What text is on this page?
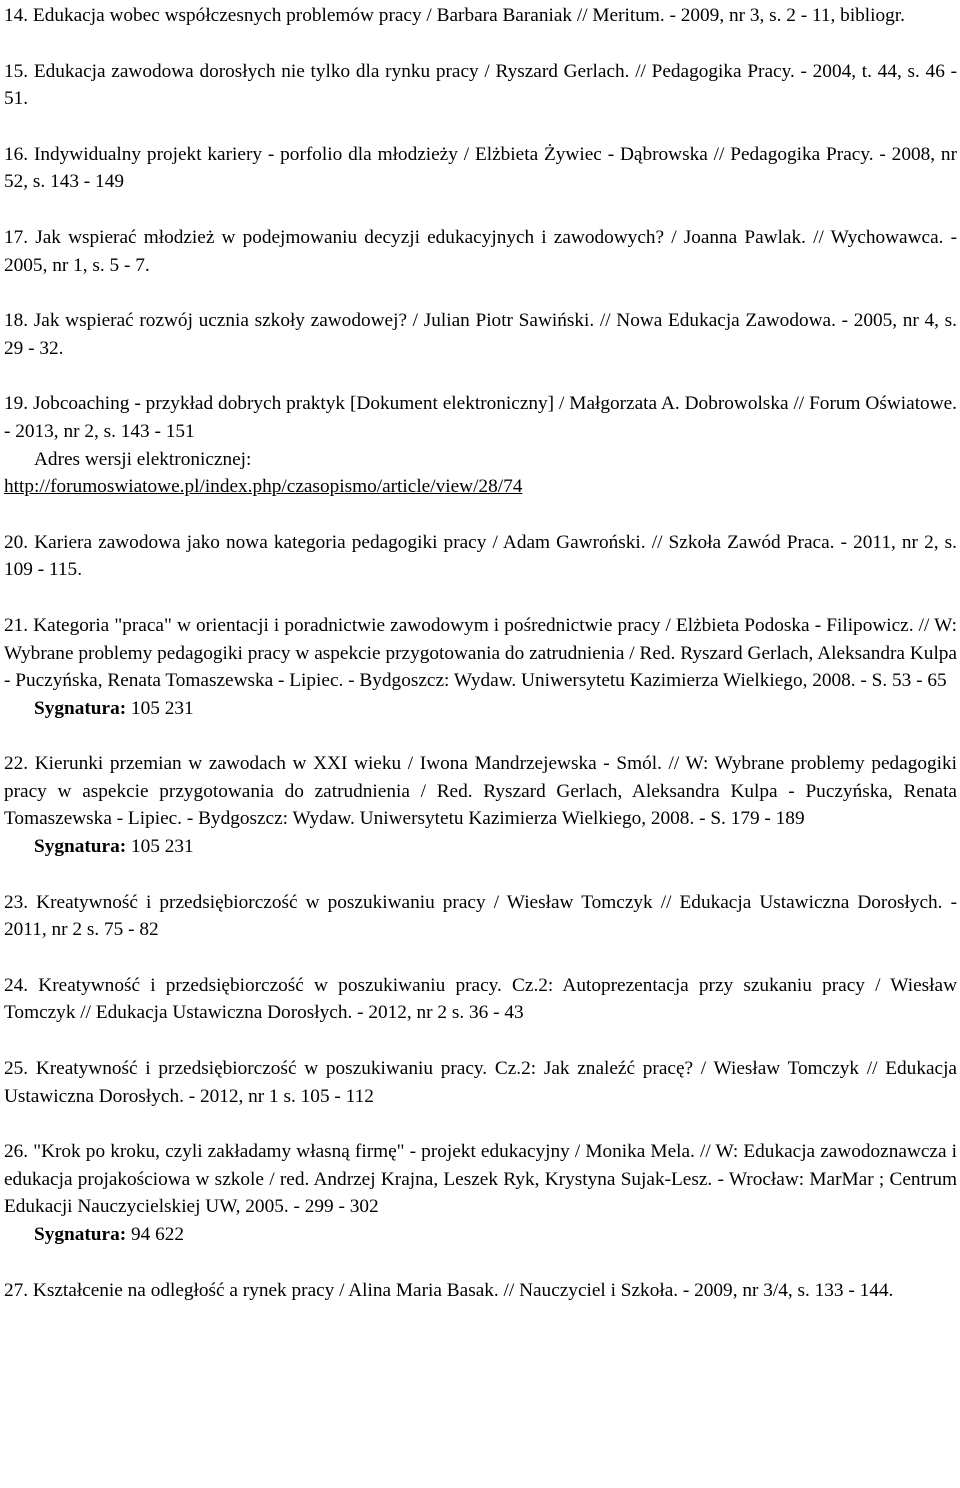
14. Edukacja wobec współczesnych problemów pracy / Barbara Baraniak // Meritum. - 2009, nr 3, s. 2 - 11, bibliogr.
15. Edukacja zawodowa dorosłych nie tylko dla rynku pracy / Ryszard Gerlach. // Pedagogika Pracy. - 2004, t. 44, s. 46 - 51.
16. Indywidualny projekt kariery - porfolio dla młodzieży / Elżbieta Żywiec - Dąbrowska // Pedagogika Pracy. - 2008, nr 52, s. 143 - 149
17. Jak wspierać młodzież w podejmowaniu decyzji edukacyjnych i zawodowych? / Joanna Pawlak. // Wychowawca. - 2005, nr 1, s. 5 - 7.
18. Jak wspierać rozwój ucznia szkoły zawodowej? / Julian Piotr Sawiński. // Nowa Edukacja Zawodowa. - 2005, nr 4, s. 29 - 32.
19. Jobcoaching - przykład dobrych praktyk [Dokument elektroniczny] / Małgorzata A. Dobrowolska // Forum Oświatowe. - 2013, nr 2, s. 143 - 151
Adres wersji elektronicznej:
http://forumoswiatowe.pl/index.php/czasopismo/article/view/28/74
20. Kariera zawodowa jako nowa kategoria pedagogiki pracy / Adam Gawroński. // Szkoła Zawód Praca. - 2011, nr 2, s. 109 - 115.
21. Kategoria "praca" w orientacji i poradnictwie zawodowym i pośrednictwie pracy / Elżbieta Podoska - Filipowicz. // W: Wybrane problemy pedagogiki pracy w aspekcie przygotowania do zatrudnienia / Red. Ryszard Gerlach, Aleksandra Kulpa - Puczyńska, Renata Tomaszewska - Lipiec. - Bydgoszcz: Wydaw. Uniwersytetu Kazimierza Wielkiego, 2008. - S. 53 - 65
Sygnatura: 105 231
22. Kierunki przemian w zawodach w XXI wieku / Iwona Mandrzejewska - Smól. // W: Wybrane problemy pedagogiki pracy w aspekcie przygotowania do zatrudnienia / Red. Ryszard Gerlach, Aleksandra Kulpa - Puczyńska, Renata Tomaszewska - Lipiec. - Bydgoszcz: Wydaw. Uniwersytetu Kazimierza Wielkiego, 2008. - S. 179 - 189
Sygnatura: 105 231
23. Kreatywność i przedsiębiorczość w poszukiwaniu pracy / Wiesław Tomczyk // Edukacja Ustawiczna Dorosłych. - 2011, nr 2 s. 75 - 82
24. Kreatywność i przedsiębiorczość w poszukiwaniu pracy. Cz.2: Autoprezentacja przy szukaniu pracy / Wiesław Tomczyk // Edukacja Ustawiczna Dorosłych. - 2012, nr 2 s. 36 - 43
25. Kreatywność i przedsiębiorczość w poszukiwaniu pracy. Cz.2: Jak znaleźć pracę? / Wiesław Tomczyk // Edukacja Ustawiczna Dorosłych. - 2012, nr 1 s. 105 - 112
26. "Krok po kroku, czyli zakładamy własną firmę" - projekt edukacyjny / Monika Mela. // W: Edukacja zawodoznawcza i edukacja projakościowa w szkole / red. Andrzej Krajna, Leszek Ryk, Krystyna Sujak-Lesz. - Wrocław: MarMar ; Centrum Edukacji Nauczycielskiej UW, 2005. - 299 - 302
Sygnatura: 94 622
27. Kształcenie na odległość a rynek pracy / Alina Maria Basak. // Nauczyciel i Szkoła. - 2009, nr 3/4, s. 133 - 144.
